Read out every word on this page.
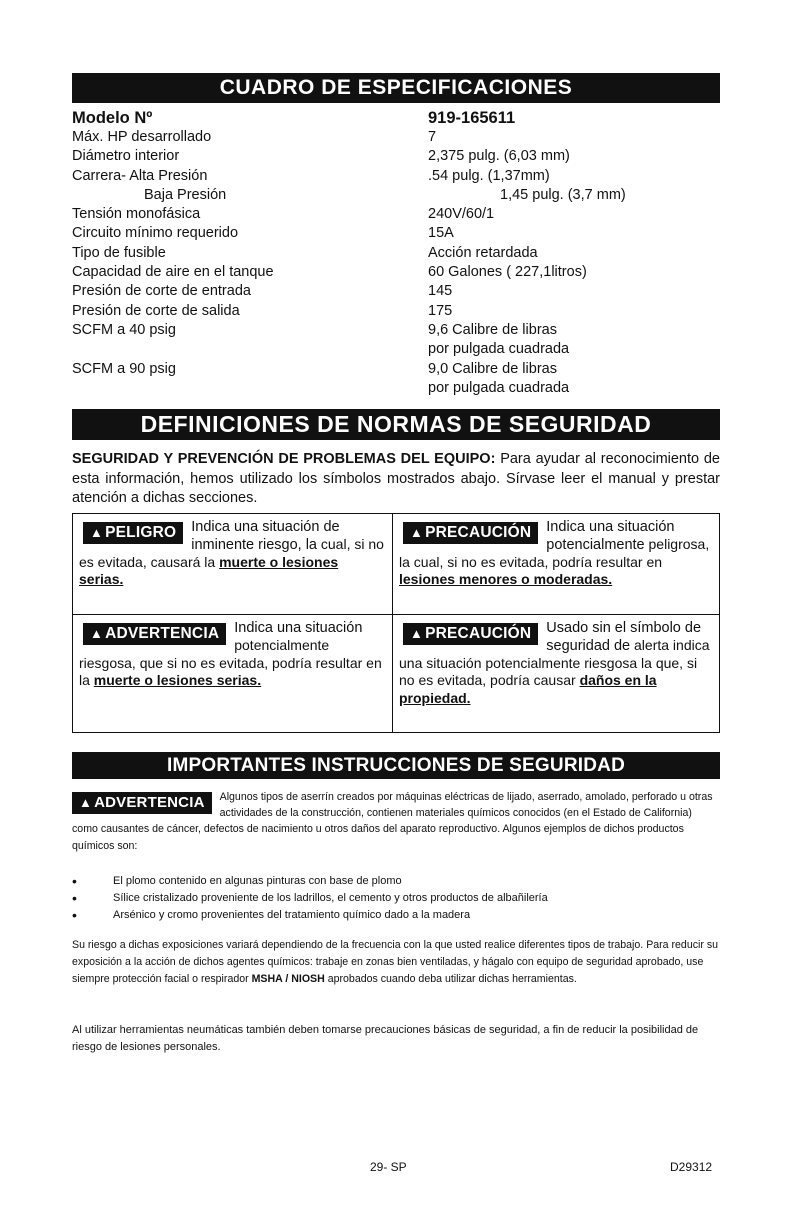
CUADRO DE ESPECIFICACIONES
Modelo Nº	919-165611
Máx. HP desarrollado	7
Diámetro interior	2,375 pulg. (6,03 mm)
Carrera- Alta Presión	.54 pulg. (1,37mm)
Baja Presión	1,45 pulg. (3,7 mm)
Tensión monofásica	240V/60/1
Circuito mínimo requerido	15A
Tipo de fusible	Acción retardada
Capacidad de aire en el tanque	60 Galones ( 227,1litros)
Presión de corte de entrada	145
Presión de corte de salida	175
SCFM a 40 psig	9,6 Calibre de libras
por pulgada cuadrada
SCFM a 90 psig	9,0 Calibre de libras
por pulgada cuadrada
DEFINICIONES DE NORMAS DE SEGURIDAD
SEGURIDAD Y PREVENCIÓN DE PROBLEMAS DEL EQUIPO: Para ayudar al reconocimiento de esta información, hemos utilizado los símbolos mostrados abajo. Sírvase leer el manual y prestar atención a dichas secciones.
▲ PELIGRO	Indica una situación de inminente riesgo, la cual, si no es evitada, causará la muerte o lesiones serias.
▲ PRECAUCIÓN	Indica una situación potencialmente peligrosa, la cual, si no es evitada, podría resultar en lesiones menores o moderadas.
▲ ADVERTENCIA	Indica una situación potencialmente riesgosa, que si no es evitada, podría resultar en la muerte o lesiones serias.
▲ PRECAUCIÓN	Usado sin el símbolo de seguridad de alerta indica una situación potencialmente riesgosa la que, si no es evitada, podría causar daños en la propiedad.
IMPORTANTES INSTRUCCIONES DE SEGURIDAD
▲ ADVERTENCIA	Algunos tipos de aserrín creados por máquinas eléctricas de lijado, aserrado, amolado, perforado u otras actividades de la construcción, contienen materiales químicos conocidos (en el Estado de California) como causantes de cáncer, defectos de nacimiento u otros daños del aparato reproductivo. Algunos ejemplos de dichos productos químicos son:
•	El plomo contenido en algunas pinturas con base de plomo
•	Sílice cristalizado proveniente de los ladrillos, el cemento y otros productos de albañilería
•	Arsénico y cromo provenientes del tratamiento químico dado a la madera
Su riesgo a dichas exposiciones variará dependiendo de la frecuencia con la que usted realice diferentes tipos de trabajo. Para reducir su exposición a la acción de dichos agentes químicos: trabaje en zonas bien ventiladas, y hágalo con equipo de seguridad aprobado, use siempre protección facial o respirador MSHA / NIOSH aprobados cuando deba utilizar dichas herramientas.
Al utilizar herramientas neumáticas también deben tomarse precauciones básicas de seguridad, a fin de reducir la posibilidad de riesgo de lesiones personales.
29- SP	D29312
